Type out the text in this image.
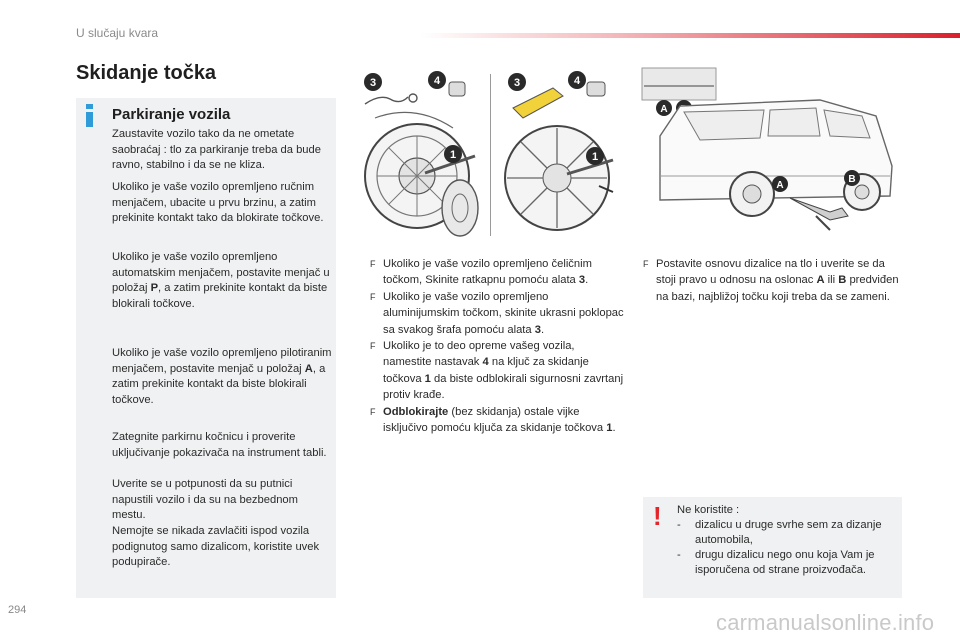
U slučaju kvara
Skidanje točka
Parkiranje vozila
Zaustavite vozilo tako da ne ometate saobraćaj : tlo za parkiranje treba da bude ravno, stabilno i da se ne kliza.
Ukoliko je vaše vozilo opremljeno ručnim menjačem, ubacite u prvu brzinu, a zatim prekinite kontakt tako da blokirate točkove.
Ukoliko je vaše vozilo opremljeno automatskim menjačem, postavite menjač u položaj P, a zatim prekinite kontakt da biste blokirali točkove.
Ukoliko je vaše vozilo opremljeno pilotiranim menjačem, postavite menjač u položaj A, a zatim prekinite kontakt da biste blokirali točkove.
Zategnite parkirnu kočnicu i proverite uključivanje pokazivača na instrument tabli.
Uverite se u potpunosti da su putnici napustili vozilo i da su na bezbednom mestu.
Nemojte se nikada zavlačiti ispod vozila podignutog samo dizalicom, koristite uvek podupirače.
3	4
1
3	4
1
A
A
B
F Ukoliko je vaše vozilo opremljeno čeličnim točkom, Skinite ratkapnu pomoću alata 3.
F Ukoliko je vaše vozilo opremljeno aluminijumskim točkom, skinite ukrasni poklopac sa svakog šrafa pomoću alata 3.
F Ukoliko je to deo opreme vašeg vozila, namestite nastavak 4 na ključ za skidanje točkova 1 da biste odblokirali sigurnosni zavrtanj protiv krađe.
F Odblokirajte (bez skidanja) ostale vijke isključivo pomoću ključa za skidanje točkova 1.
F Postavite osnovu dizalice na tlo i uverite se da stoji pravo u odnosu na oslonac A ili B predviđen na bazi, najbližoj točku koji treba da se zameni.
!	Ne koristite :
- dizalicu u druge svrhe sem za dizanje automobila,
- drugu dizalicu nego onu koja Vam je isporučena od strane proizvođača.
294	carmanualsonline.info
